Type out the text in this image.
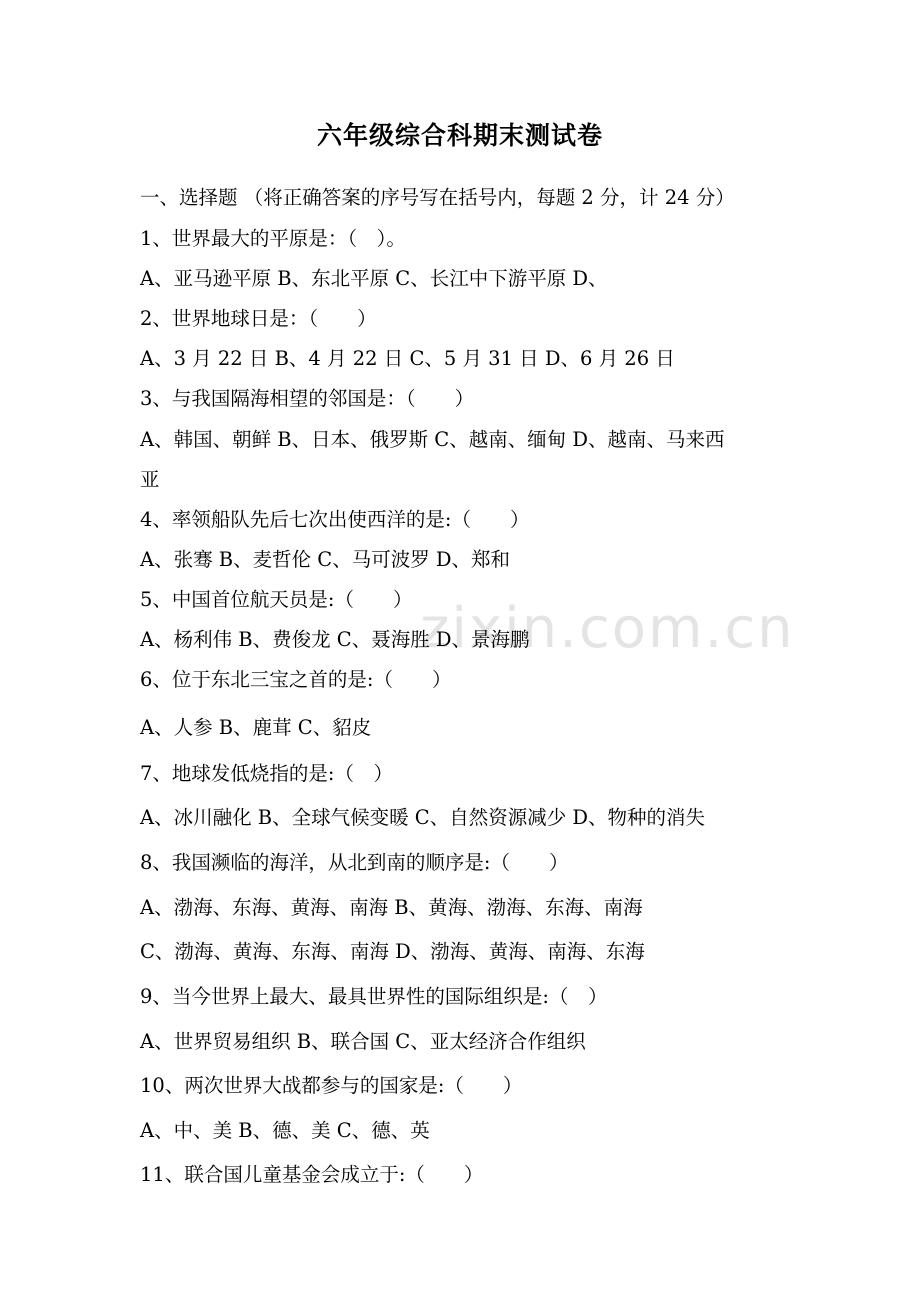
六年级综合科期末测试卷
一、选择题 （将正确答案的序号写在括号内，每题 2 分，计 24 分）
1、世界最大的平原是：（　）。
A、亚马逊平原 B、东北平原 C、长江中下游平原 D、
2、世界地球日是：（　　）
A、3 月 22 日 B、4 月 22 日 C、5 月 31 日 D、6 月 26 日
3、与我国隔海相望的邻国是：（　　）
A、韩国、朝鲜 B、日本、俄罗斯 C、越南、缅甸 D、越南、马来西
亚
4、率领船队先后七次出使西洋的是:（　　）
A、张骞 B、麦哲伦 C、马可波罗 D、郑和
5、中国首位航天员是:（　　）
A、杨利伟 B、费俊龙 C、聂海胜 D、景海鹏
6、位于东北三宝之首的是:（　　）
A、人参 B、鹿茸 C、貂皮
7、地球发低烧指的是:（　）
A、冰川融化 B、全球气候变暖 C、自然资源减少 D、物种的消失
8、我国濒临的海洋，从北到南的顺序是:（　　）
A、渤海、东海、黄海、南海 B、黄海、渤海、东海、南海
C、渤海、黄海、东海、南海 D、渤海、黄海、南海、东海
9、当今世界上最大、最具世界性的国际组织是:（　）
A、世界贸易组织 B、联合国 C、亚太经济合作组织
10、两次世界大战都参与的国家是:（　　）
A、中、美 B、德、美 C、德、英
11、联合国儿童基金会成立于:（　　）
zixin.com.cn
